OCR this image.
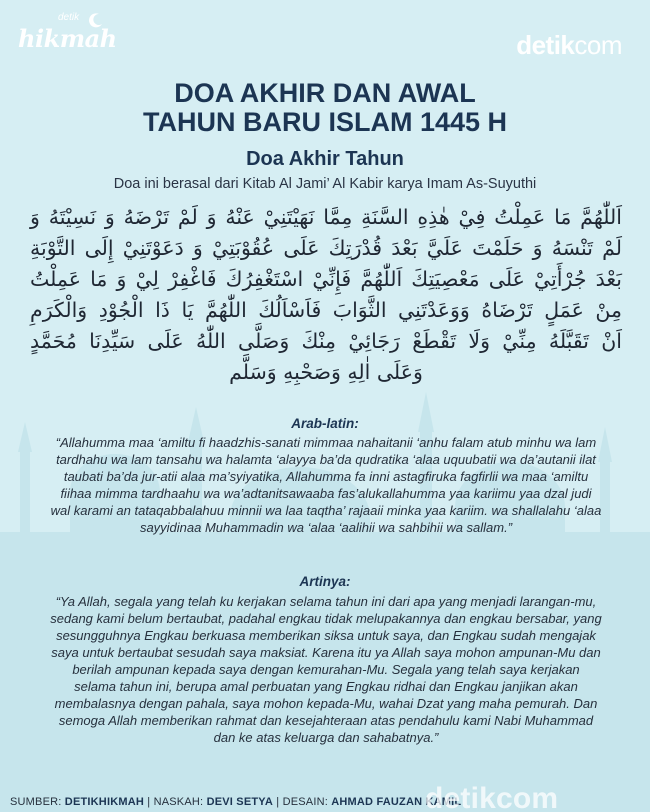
detik
hikmah	detikcom
DOA AKHIR DAN AWAL
TAHUN BARU ISLAM 1445 H
Doa Akhir Tahun
Doa ini berasal dari Kitab Al Jami’ Al Kabir karya Imam As-Suyuthi
اَللّٰهُمَّ مَا عَمِلْتُ فِيْ هٰذِهِ السَّنَةِ مِمَّا نَهَيْتَنِيْ عَنْهُ وَ لَمْ تَرْضَهُ وَ نَسِيْتَهُ وَ
لَمْ تَنْسَهُ وَ حَلَمْتَ عَلَيَّ بَعْدَ قُدْرَتِكَ عَلَى عُقُوْبَتِيْ وَ دَعَوْتَنِيْ إِلَى التَّوْبَةِ
بَعْدَ جُرْأَتِيْ عَلَى مَعْصِيَتِكَ اَللّٰهُمَّ فَإِنِّيْ اسْتَغْفِرُكَ فَاغْفِرْ لِيْ وَ مَا عَمِلْتُ
مِنْ عَمَلٍ تَرْضَاهُ وَوَعَدْتَنِي الثَّوَابَ فَاَسْاَلُكَ اللّٰهُمَّ يَا ذَا الْجُوْدِ وَالْكَرَمِ
اَنْ تَقَبَّلَهُ مِنِّيْ وَلَا تَقْطَعْ رَجَائِيْ مِنْكَ وَصَلَّى اللّٰهُ عَلَى سَيِّدِنَا مُحَمَّدٍ
وَعَلَى اٰلِهِ وَصَحْبِهِ وَسَلَّم
Arab-latin:
“Allahumma maa ‘amiltu fi haadzhis-sanati mimmaa nahaitanii ‘anhu falam atub minhu wa lam tardhahu wa lam tansahu wa halamta ‘alayya ba’da qudratika ‘alaa uquubatii wa da’autanii ilat taubati ba’da jur-atii alaa ma’syiyatika, Allahumma fa inni astagfiruka fagfirlii wa maa ‘amiltu fiihaa mimma tardhaahu wa wa’adtanitsawaaba fas’alukallahumma yaa kariimu yaa dzal judi wal karami an tataqabbalahuu minnii wa laa taqtha’ rajaaii minka yaa kariim. wa shallalahu ‘alaa sayyidinaa Muhammadin wa ‘alaa ‘aalihii wa sahbihii wa sallam.”
Artinya:
“Ya Allah, segala yang telah ku kerjakan selama tahun ini dari apa yang menjadi larangan-mu, sedang kami belum bertaubat, padahal engkau tidak melupakannya dan engkau bersabar, yang sesungguhnya Engkau berkuasa memberikan siksa untuk saya, dan Engkau sudah mengajak saya untuk bertaubat sesudah saya maksiat. Karena itu ya Allah saya mohon ampunan-Mu dan berilah ampunan kepada saya dengan kemurahan-Mu. Segala yang telah saya kerjakan selama tahun ini, berupa amal perbuatan yang Engkau ridhai dan Engkau janjikan akan membalasnya dengan pahala, saya mohon kepada-Mu, wahai Dzat yang maha pemurah. Dan semoga Allah memberikan rahmat dan kesejahteraan atas pendahulu kami Nabi Muhammad dan ke atas keluarga dan sahabatnya.”
SUMBER: DETIKHIKMAH | NASKAH: DEVI SETYA | DESAIN: AHMAD FAUZAN KAMIL
detikcom
